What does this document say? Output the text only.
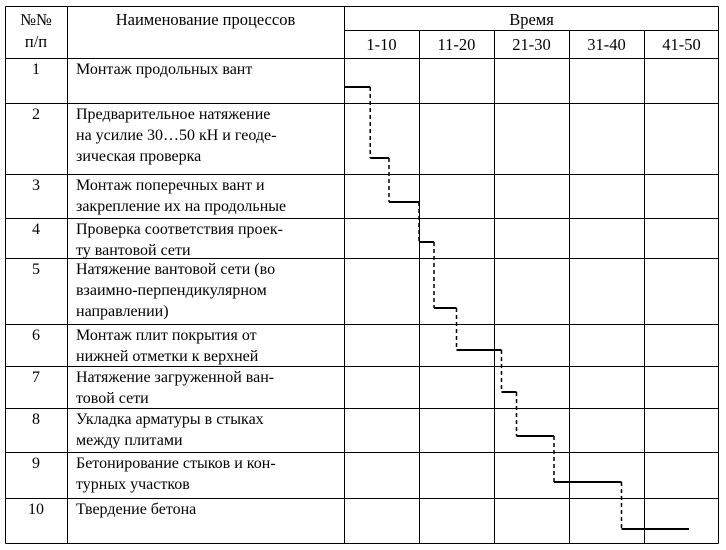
№№
п/п
Наименование процессов	Время
1-10	11-20	21-30	31-40	41-50
1	Монтаж продольных вант
2	Предварительное натяжение
на усилие 30…50 кН и геоде-
зическая проверка
3	Монтаж поперечных вант и
закрепление их на продольные
4	Проверка соответствия проек-
ту вантовой сети
5	Натяжение вантовой сети (во
взаимно-перпендикулярном
направлении)
6	Монтаж плит покрытия от
нижней отметки к верхней
7	Натяжение загруженной ван-
товой сети
8	Укладка арматуры в стыках
между плитами
9	Бетонирование стыков и кон-
турных участков
10	Твердение бетона
